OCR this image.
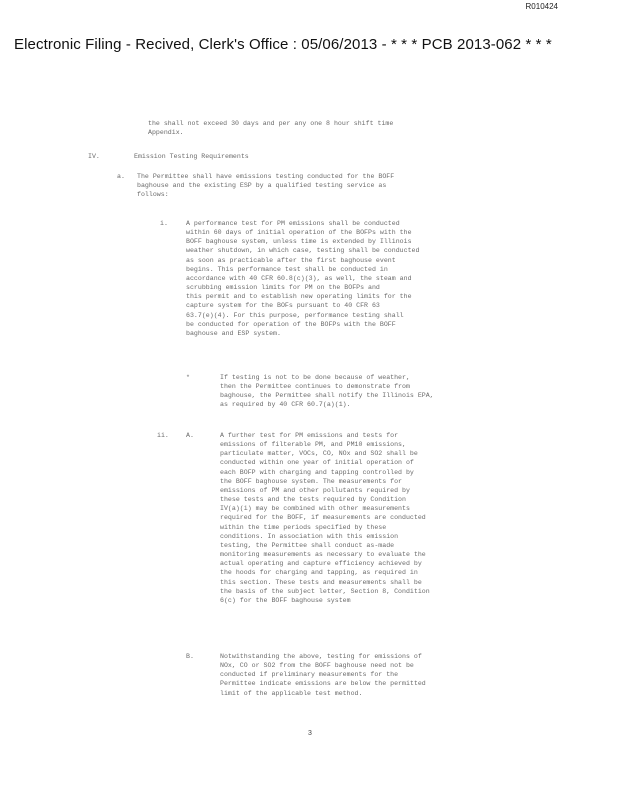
R010424
Electronic Filing - Recived, Clerk's Office : 05/06/2013 - * * * PCB 2013-062 * * *
the shall not exceed 30 days and per any one 8 hour shift time
Appendix.
IV.	Emission Testing Requirements
a. The Permittee shall have emissions testing conducted for the BOFF
baghouse and the existing ESP by a qualified testing service as
follows:
i.	A performance test for PM emissions shall be conducted
within 60 days of initial operation of the BOFPs with the
BOFF baghouse system, unless time is extended by Illinois
weather shutdown, in which case, testing shall be conducted
as soon as practicable after the first baghouse event
begins. This performance test shall be conducted in
accordance with 40 CFR 60.8(c)(3), as well, the steam and
scrubbing emission limits for PM on the BOFPs and
this permit and to establish new operating limits for the
capture system for the BOFs pursuant to 40 CFR 63
63.7(e)(4). For this purpose, performance testing shall
be conducted for operation of the BOFPs with the BOFF
baghouse and ESP system.
*	If testing is not to be done because of weather,
then the Permittee continues to demonstrate from
baghouse, the Permittee shall notify the Illinois EPA,
as required by 40 CFR 60.7(a)(1).
ii.	A.	A further test for PM emissions and tests for
emissions of filterable PM, and PM10 emissions,
particulate matter, VOCs, CO, NOx and SO2 shall be
conducted within one year of initial operation of
each BOFP with charging and tapping controlled by
the BOFF baghouse system. The measurements for
emissions of PM and other pollutants required by
these tests and the tests required by Condition
IV(a)(i) may be combined with other measurements
required for the BOFF, if measurements are conducted
within the time periods specified by these
conditions. In association with this emission
testing, the Permittee shall conduct as-made
monitoring measurements as necessary to evaluate the
actual operating and capture efficiency achieved by
the hoods for charging and tapping, as required in
this section. These tests and measurements shall be
the basis of the subject letter, Section 8, Condition
6(c) for the BOFF baghouse system
B.	Notwithstanding the above, testing for emissions of
NOx, CO or SO2 from the BOFF baghouse need not be
conducted if preliminary measurements for the
Permittee indicate emissions are below the permitted
limit of the applicable test method.
3
